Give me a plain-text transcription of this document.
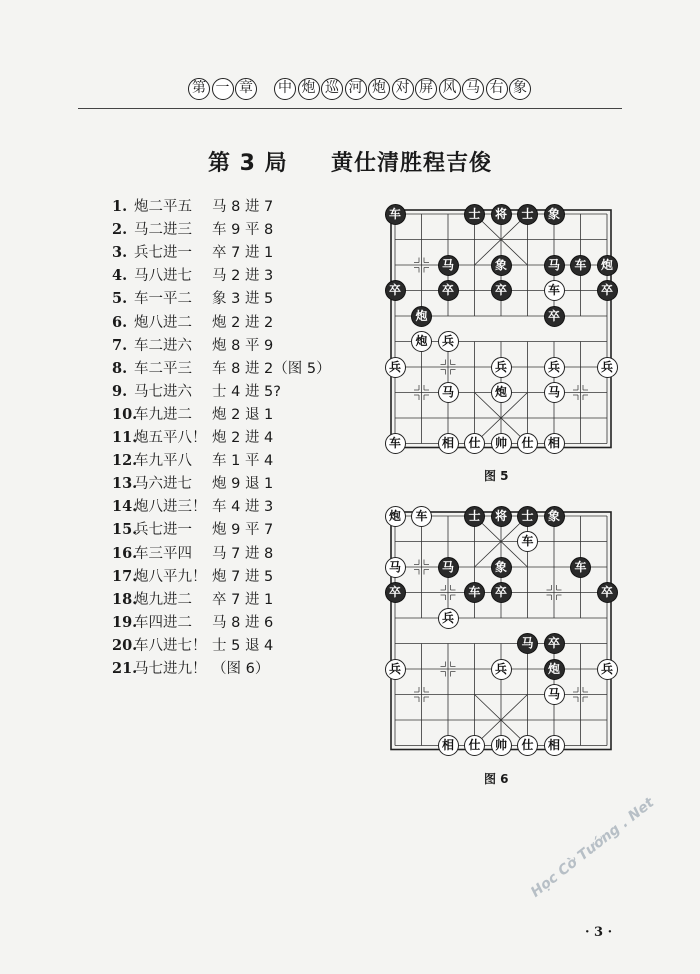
第 一 章 中 炮 巡 河 炮 对 屏 风 马 右 象
第 3 局 黄仕清胜程吉俊
1. 炮二平五 马 8 进 7
2. 马二进三 车 9 平 8
3. 兵七进一 卒 7 进 1
4. 马八进七 马 2 进 3
5. 车一平二 象 3 进 5
6. 炮八进二 炮 2 进 2
7. 车二进六 炮 8 平 9
8. 车二平三 车 8 进 2（图 5）
9. 马七进六 士 4 进 5?
10.车九进二 炮 2 退 1
11.炮五平八！ 炮 2 进 4
12.车九平八 车 1 平 4
13.马六进七 炮 9 退 1
14.炮八进三！ 车 4 进 3
15.兵七进一 炮 9 平 7
16.车三平四 马 7 进 8
17.炮八平九！ 炮 7 进 5
18.炮九进二 卒 7 进 1
19.车四进二 马 8 进 6
20.车八进七！ 士 5 退 4
21.马七进九！ （图 6）
车	士	将	士	象
马	象	马	车	炮
卒	卒	卒	车	卒
炮	卒
炮	兵
兵	兵	兵	兵
马	炮	马
车	相	仕	帅	仕	相
图 5
炮	车	士	将	士	象
车
马	马	象	车
卒	车	卒	卒
兵
马	卒
兵	兵	炮	兵
马
相	仕	帅	仕	相
图 6
· 3 ·
Học Cờ Tướng . Net
